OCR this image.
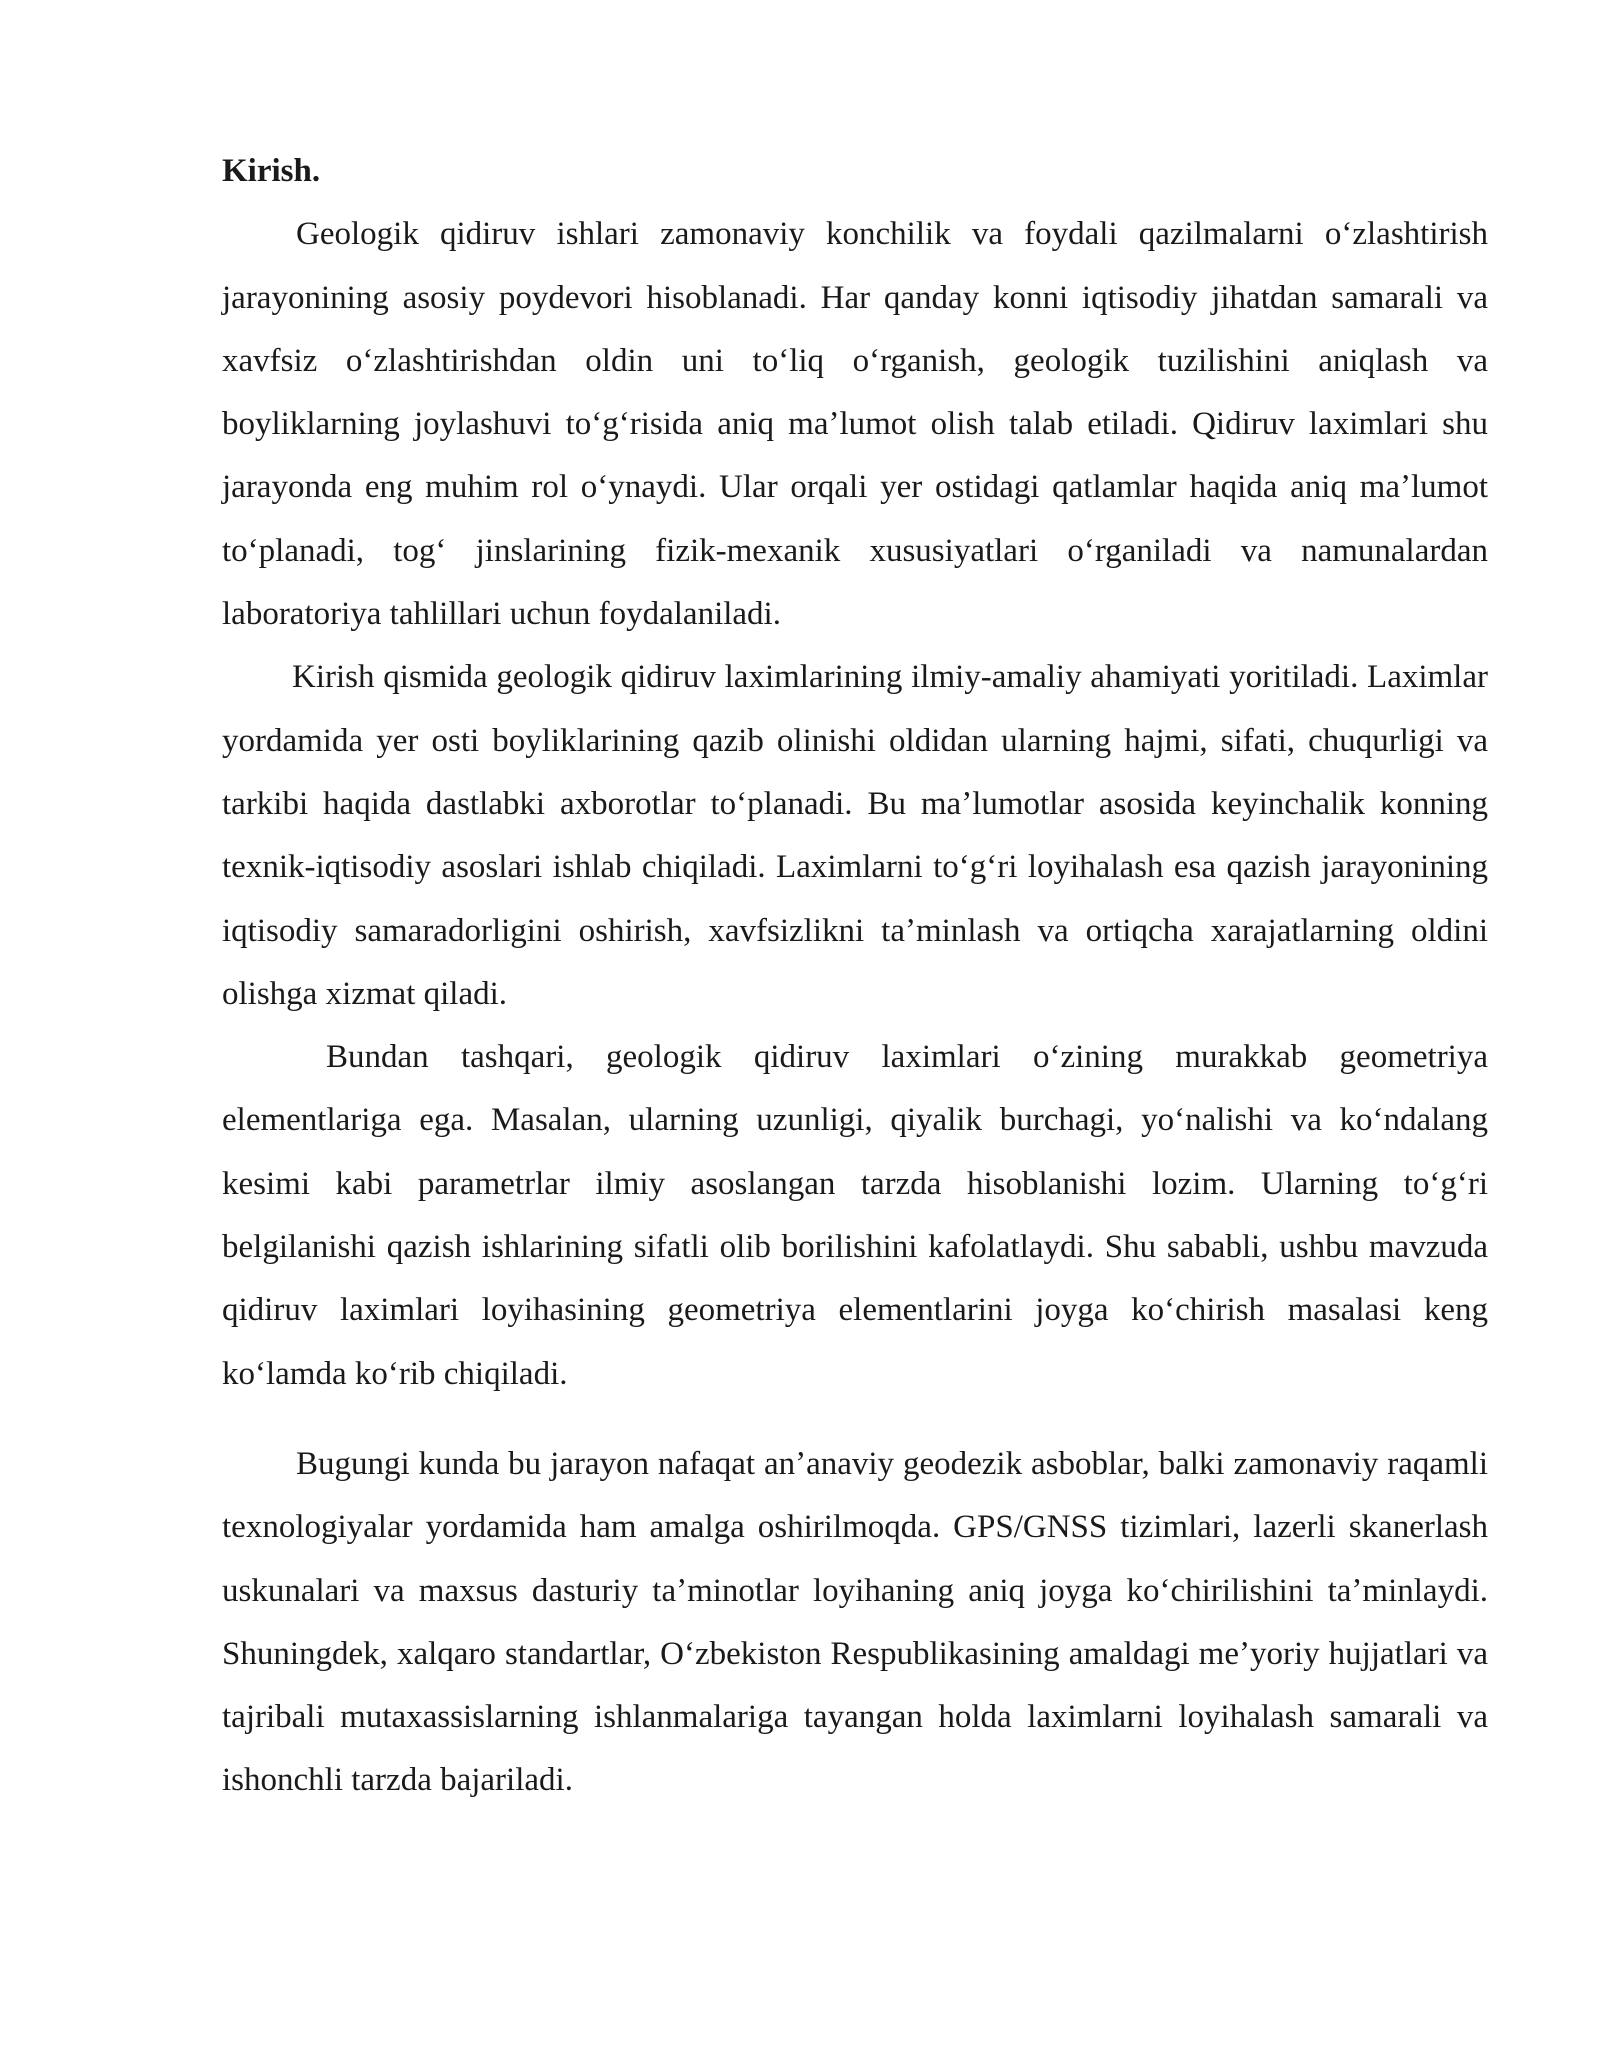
Kirish.

Geologik qidiruv ishlari zamonaviy konchilik va foydali qazilmalarni oʻzlashtirish jarayonining asosiy poydevori hisoblanadi. Har qanday konni iqtisodiy jihatdan samarali va xavfsiz oʻzlashtirishdan oldin uni toʻliq oʻrganish, geologik tuzilishini aniqlash va boyliklarning joylashuvi toʻgʻrisida aniq maʼlumot olish talab etiladi. Qidiruv laximlari shu jarayonda eng muhim rol oʻynaydi. Ular orqali yer ostidagi qatlamlar haqida aniq maʼlumot toʻplanadi, togʻ jinslarining fizik-mexanik xususiyatlari oʻrganiladi va namunalardan laboratoriya tahlillari uchun foydalaniladi.

Kirish qismida geologik qidiruv laximlarining ilmiy-amaliy ahamiyati yoritiladi. Laximlar yordamida yer osti boyliklarining qazib olinishi oldidan ularning hajmi, sifati, chuqurligi va tarkibi haqida dastlabki axborotlar toʻplanadi. Bu maʼlumotlar asosida keyinchalik konning texnik-iqtisodiy asoslari ishlab chiqiladi. Laximlarni toʻgʻri loyihalash esa qazish jarayonining iqtisodiy samaradorligini oshirish, xavfsizlikni taʼminlash va ortiqcha xarajatlarning oldini olishga xizmat qiladi.

Bundan tashqari, geologik qidiruv laximlari oʻzining murakkab geometriya elementlariga ega. Masalan, ularning uzunligi, qiyalik burchagi, yoʻnalishi va koʻndalang kesimi kabi parametrlar ilmiy asoslangan tarzda hisoblanishi lozim. Ularning toʻgʻri belgilanishi qazish ishlarining sifatli olib borilishini kafolatlaydi. Shu sababli, ushbu mavzuda qidiruv laximlari loyihasining geometriya elementlarini joyga koʻchirish masalasi keng koʻlamda koʻrib chiqiladi.

Bugungi kunda bu jarayon nafaqat anʼanaviy geodezik asboblar, balki zamonaviy raqamli texnologiyalar yordamida ham amalga oshirilmoqda. GPS/GNSS tizimlari, lazerli skanerlash uskunalari va maxsus dasturiy taʼminotlar loyihaning aniq joyga koʻchirilishini taʼminlaydi. Shuningdek, xalqaro standartlar, Oʻzbekiston Respublikasining amaldagi meʼyoriy hujjatlari va tajribali mutaxassislarning ishlanmalariga tayangan holda laximlarni loyihalash samarali va ishonchli tarzda bajariladi.
